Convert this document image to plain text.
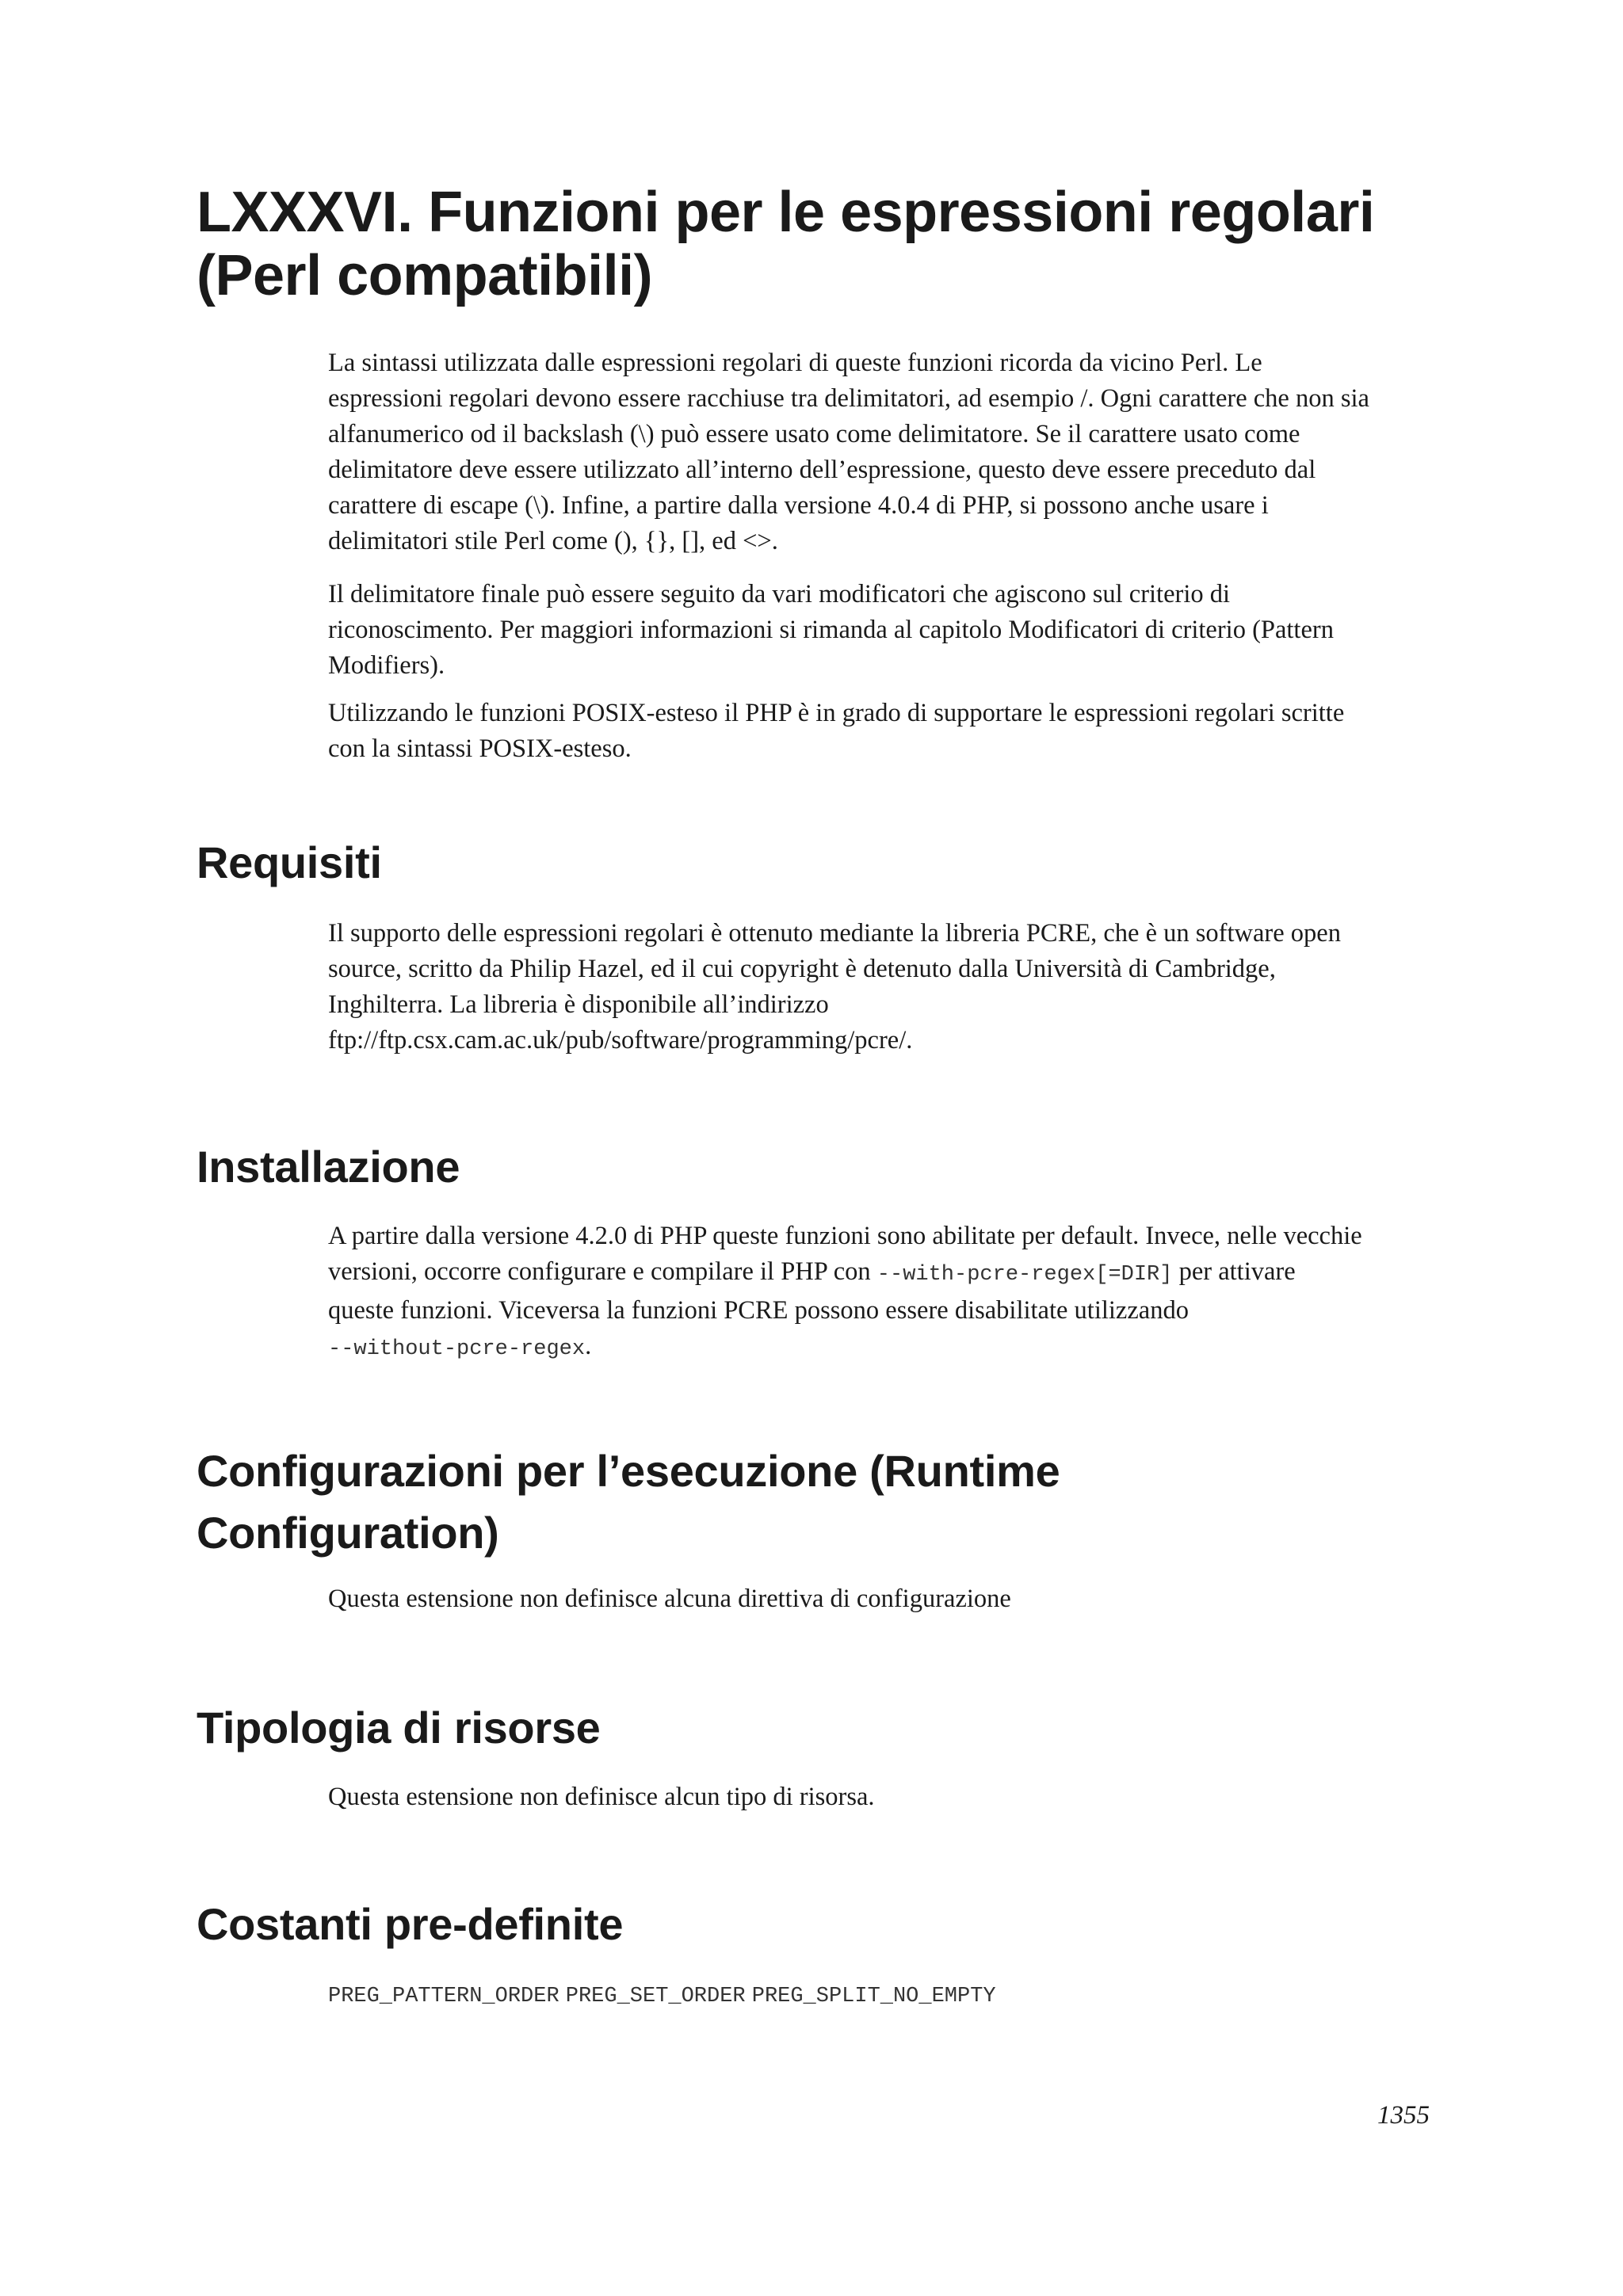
LXXXVI. Funzioni per le espressioni regolari
(Perl compatibili)

La sintassi utilizzata dalle espressioni regolari di queste funzioni ricorda da vicino Perl. Le
espressioni regolari devono essere racchiuse tra delimitatori, ad esempio /. Ogni carattere che non sia
alfanumerico od il backslash (\) può essere usato come delimitatore. Se il carattere usato come
delimitatore deve essere utilizzato all’interno dell’espressione, questo deve essere preceduto dal
carattere di escape (\). Infine, a partire dalla versione 4.0.4 di PHP, si possono anche usare i
delimitatori stile Perl come (), {}, [], ed <>.

Il delimitatore finale può essere seguito da vari modificatori che agiscono sul criterio di
riconoscimento. Per maggiori informazioni si rimanda al capitolo Modificatori di criterio (Pattern
Modifiers).

Utilizzando le funzioni POSIX-esteso il PHP è in grado di supportare le espressioni regolari scritte
con la sintassi POSIX-esteso.

Requisiti

Il supporto delle espressioni regolari è ottenuto mediante la libreria PCRE, che è un software open
source, scritto da Philip Hazel, ed il cui copyright è detenuto dalla Università di Cambridge,
Inghilterra. La libreria è disponibile all’indirizzo
ftp://ftp.csx.cam.ac.uk/pub/software/programming/pcre/.

Installazione

A partire dalla versione 4.2.0 di PHP queste funzioni sono abilitate per default. Invece, nelle vecchie
versioni, occorre configurare e compilare il PHP con --with-pcre-regex[=DIR] per attivare
queste funzioni. Viceversa la funzioni PCRE possono essere disabilitate utilizzando
--without-pcre-regex.

Configurazioni per l’esecuzione (Runtime
Configuration)

Questa estensione non definisce alcuna direttiva di configurazione

Tipologia di risorse

Questa estensione non definisce alcun tipo di risorsa.

Costanti pre-definite

PREG_PATTERN_ORDER PREG_SET_ORDER PREG_SPLIT_NO_EMPTY

1355
